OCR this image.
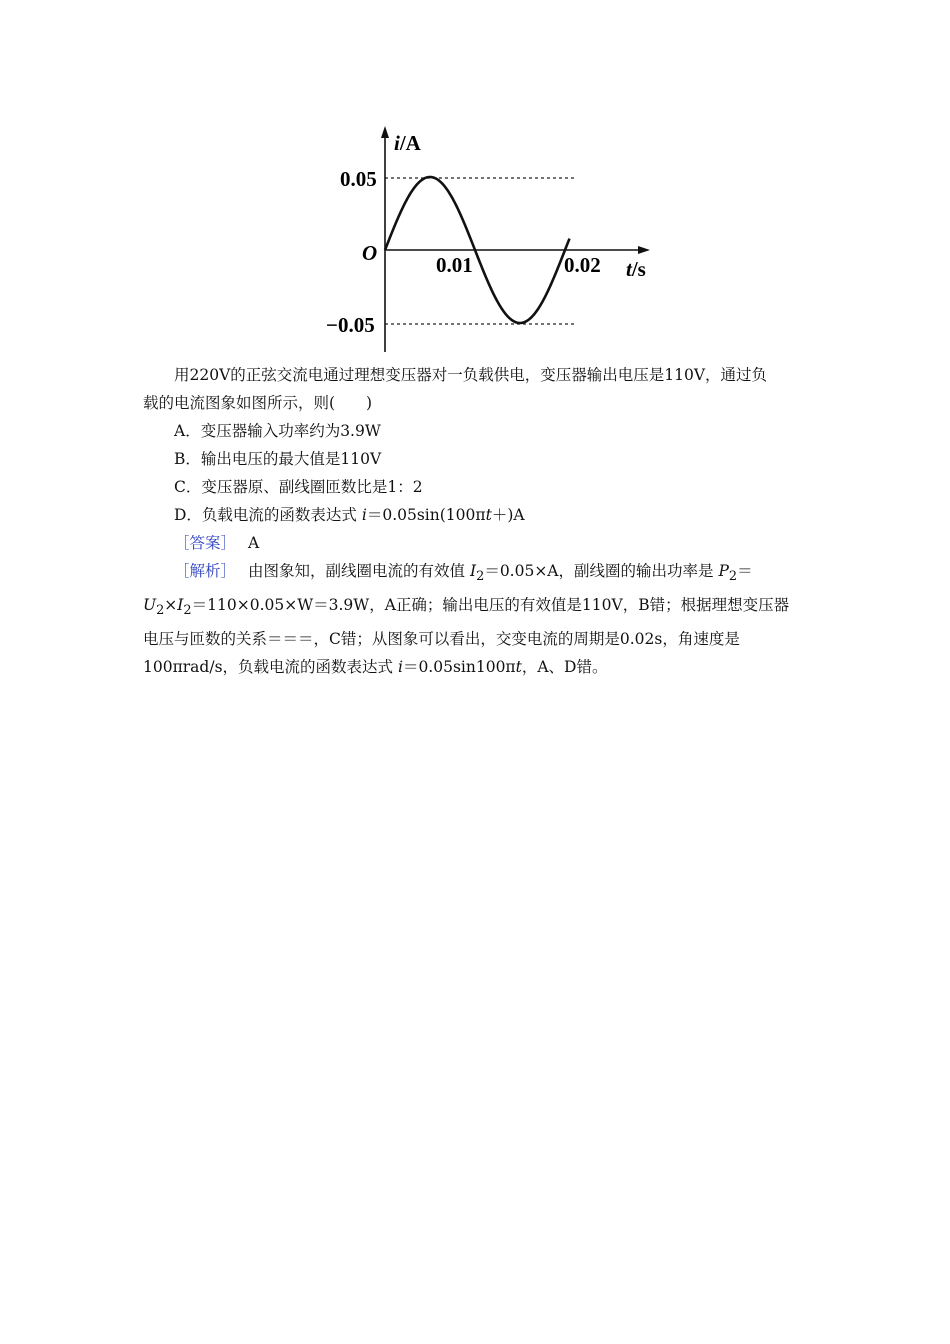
i/A
0.05
O
−0.05
0.01	0.02 t/s
用220V的正弦交流电通过理想变压器对一负载供电，变压器输出电压是110V，通过负
载的电流图象如图所示，则(　　)
A．变压器输入功率约为3.9W
B．输出电压的最大值是110V
C．变压器原、副线圈匝数比是1：2
D．负载电流的函数表达式 i＝0.05sin(100πt＋)A
［答案］ A
［解析］ 由图象知，副线圈电流的有效值 $I_2=0.05\times A$，副线圈的输出功率是 $P_2=$
$U_2\times I_2=110\times 0.05\times W=3.9W$，A正确；输出电压的有效值是110V，B错；根据理想变压器
电压与匝数的关系＝＝＝，C错；从图象可以看出，交变电流的周期是0.02s，角速度是
100πrad/s，负载电流的函数表达式 i＝0.05sin100πt，A、D错。
